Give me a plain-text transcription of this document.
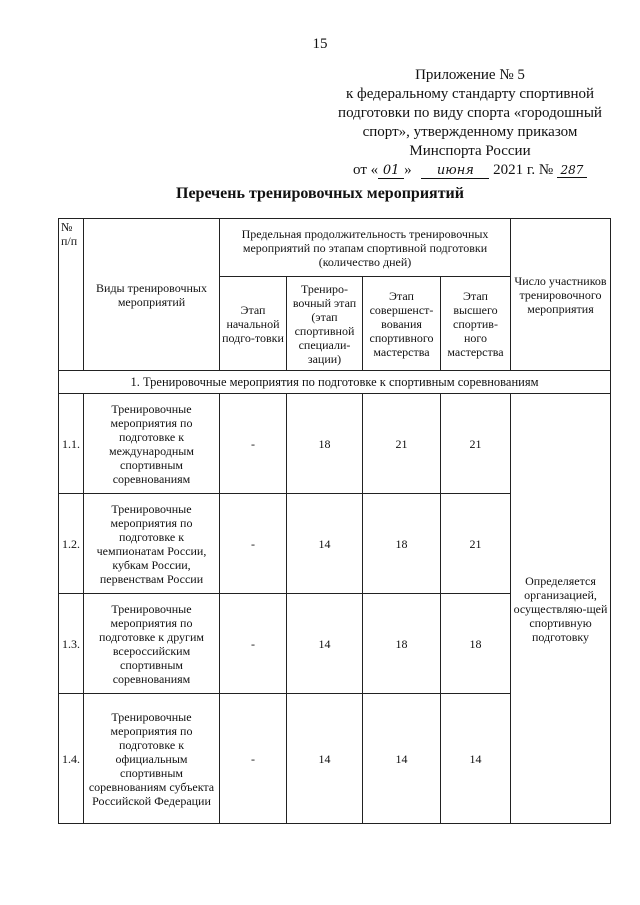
15
Приложение № 5
к федеральному стандарту спортивной
подготовки по виду спорта «городошный
спорт», утвержденному приказом
Минспорта России
от « 01 » июня 2021 г. № 287
Перечень тренировочных мероприятий
№ п/п	Виды тренировочных мероприятий	Предельная продолжительность тренировочных мероприятий по этапам спортивной подготовки (количество дней)				Число участников тренировочного мероприятия
		Этап начальной подго-товки	Трениро-вочный этап (этап спортивной специали-зации)	Этап совершенст-вования спортивного мастерства	Этап высшего спортив-ного мастерства	
1. Тренировочные мероприятия по подготовке к спортивным соревнованиям						
1.1.	Тренировочные мероприятия по подготовке к международным спортивным соревнованиям	-	18	21	21	Определяется организацией, осуществляю-щей спортивную подготовку
1.2.	Тренировочные мероприятия по подготовке к чемпионатам России, кубкам России, первенствам России	-	14	18	21	
1.3.	Тренировочные мероприятия по подготовке к другим всероссийским спортивным соревнованиям	-	14	18	18	
1.4.	Тренировочные мероприятия по подготовке к официальным спортивным соревнованиям субъекта Российской Федерации	-	14	14	14	
